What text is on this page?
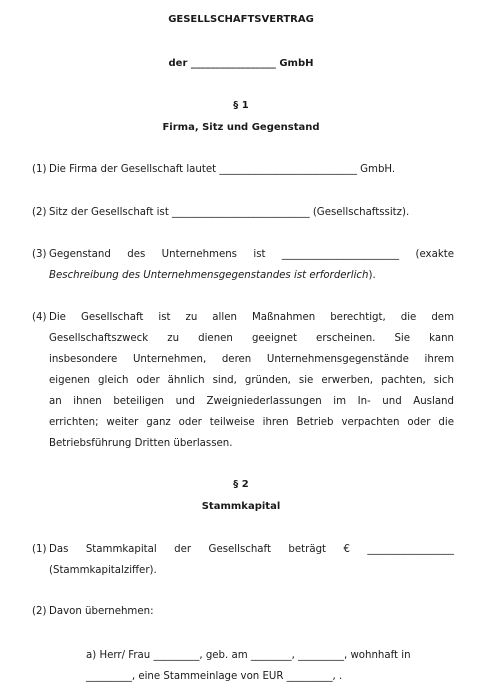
GESELLSCHAFTSVERTRAG
der _________________ GmbH
§ 1
Firma, Sitz und Gegenstand
(1) Die Firma der Gesellschaft lautet ___________________________ GmbH.
(2) Sitz der Gesellschaft ist ___________________________ (Gesellschaftssitz).
(3) Gegenstand des Unternehmens ist _______________________ (exakte
Beschreibung des Unternehmensgegenstandes ist erforderlich).
(4) Die Gesellschaft ist zu allen Maßnahmen berechtigt, die dem
Gesellschaftszweck zu dienen geeignet erscheinen. Sie kann
insbesondere Unternehmen, deren Unternehmensgegenstände ihrem
eigenen gleich oder ähnlich sind, gründen, sie erwerben, pachten, sich
an ihnen beteiligen und Zweigniederlassungen im In- und Ausland
errichten; weiter ganz oder teilweise ihren Betrieb verpachten oder die
Betriebsführung Dritten überlassen.
§ 2
Stammkapital
(1) Das Stammkapital der Gesellschaft beträgt € _________________
(Stammkapitalziffer).
(2) Davon übernehmen:
a) Herr/ Frau _________, geb. am ________, _________, wohnhaft in
_________, eine Stammeinlage von EUR _________, .
